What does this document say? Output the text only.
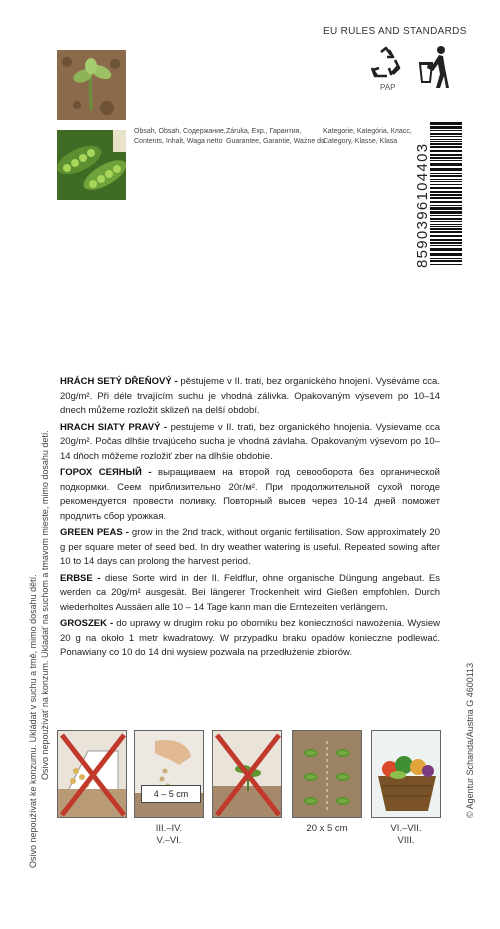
EU RULES AND STANDARDS
PAP
Obsah, Obsah, Содержание,
Contents, Inhalt, Waga netto
Záruka, Exp., Гарантия,
Guarantee, Garantie, Ważne do
Kategorie, Kategória, Класс,
Category, Klasse, Klasa
8590396104403
Osivo nepoužívat ke konzumu. Ukládat v suchu a tmě, mimo dosahu dětí. Osivo nepoužívať na konzum. Ukladať na suchom a tmavom mieste, mimo dosahu detí.	© Agentur Schanda/Austria G 4600113

HRÁCH SETÝ DŘEŇOVÝ - pěstujeme v II. trati, bez organického hnojení. Vyséváme cca. 20g/m². Při déle trvajícím suchu je vhodná zálivka. Opakovaným výsevem po 10–14 dnech můžeme rozložit sklizeň na delší období.

HRACH SIATY PRAVÝ - pestujeme v II. trati, bez organického hnojenia. Vysievame cca 20g/m². Počas dlhšie trvajúceho sucha je vhodná závlaha. Opakovaným výsevom po 10–14 dňoch môžeme rozložiť zber na dlhšie obdobie.

ГОРОХ СЕЯНЫЙ - выращиваем на второй год севооборота без органической подкормки. Сеем приблизительно 20г/м². При продолжительной сухой погоде рекомендуется провести поливку. Повторный высев через 10-14 дней поможет продлить сбор урожкая.

GREEN PEAS - grow in the 2nd track, without organic fertilisation. Sow approximately 20 g per square meter of seed bed. In dry weather watering is useful. Repeated sowing after 10 to 14 days can prolong the harvest period.

ERBSE - diese Sorte wird in der II. Feldflur, ohne organische Düngung angebaut. Es werden ca 20g/m² ausgesät. Bei längerer Trockenheit wird Gießen empfohlen. Durch wiederholtes Aussäen alle 10 – 14 Tage kann man die Erntezeiten verlängern.

GROSZEK - do uprawy w drugim roku po oborniku bez konieczności nawożenia. Wysiew 20 g na około 1 metr kwadratowy. W przypadku braku opadów konieczne podlewać. Ponawiany co 10 do 14 dni wysiew pozwala na przedłużenie zbiorów.

4 – 5 cm
III.–IV.
V.–VI.
20 x 5 cm	VI.–VII.
VIII.
